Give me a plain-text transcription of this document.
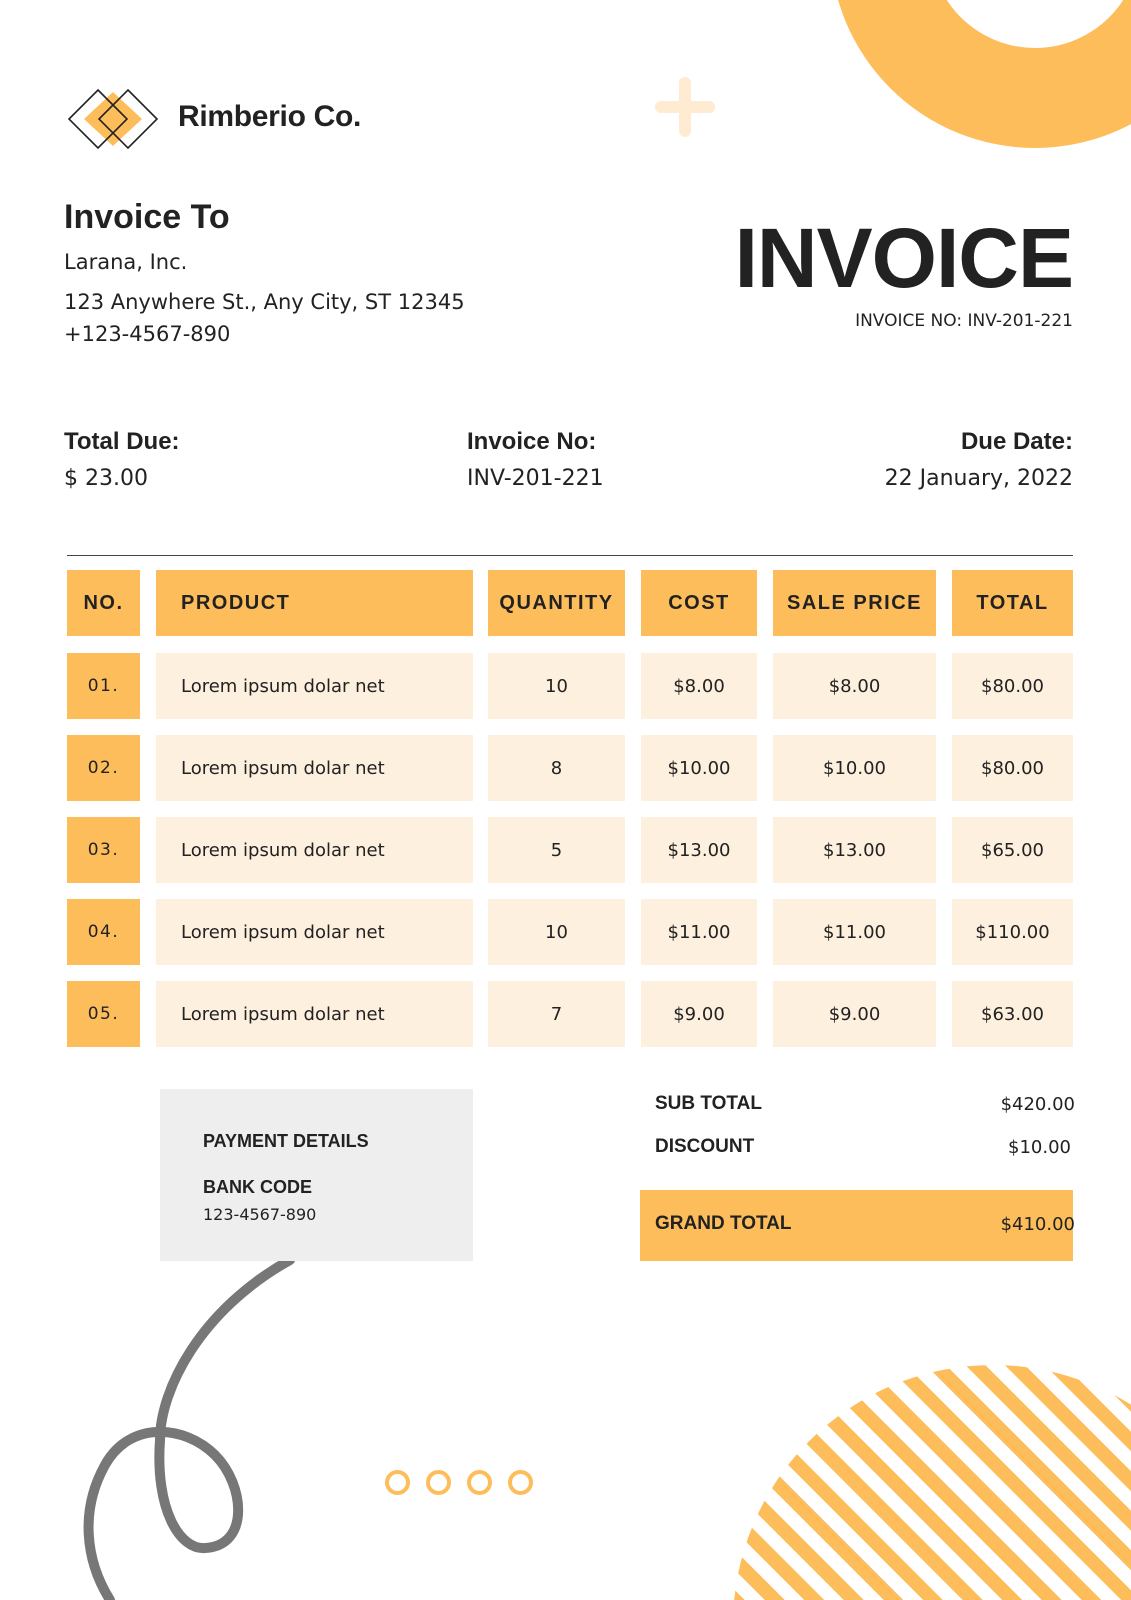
Rimberio Co.
Invoice To
Larana, Inc.
123 Anywhere St., Any City, ST 12345
+123-4567-890
INVOICE
INVOICE NO: INV-201-221
Total Due:
$ 23.00
Invoice No:
INV-201-221
Due Date:
22 January, 2022
NO.	PRODUCT	QUANTITY	COST	SALE PRICE	TOTAL
01.	Lorem ipsum dolar net	10	$8.00	$8.00	$80.00
02.	Lorem ipsum dolar net	8	$10.00	$10.00	$80.00
03.	Lorem ipsum dolar net	5	$13.00	$13.00	$65.00
04.	Lorem ipsum dolar net	10	$11.00	$11.00	$110.00
05.	Lorem ipsum dolar net	7	$9.00	$9.00	$63.00
PAYMENT DETAILS
BANK CODE
123-4567-890
SUB TOTAL	$420.00
DISCOUNT	$10.00
GRAND TOTAL	$410.00
